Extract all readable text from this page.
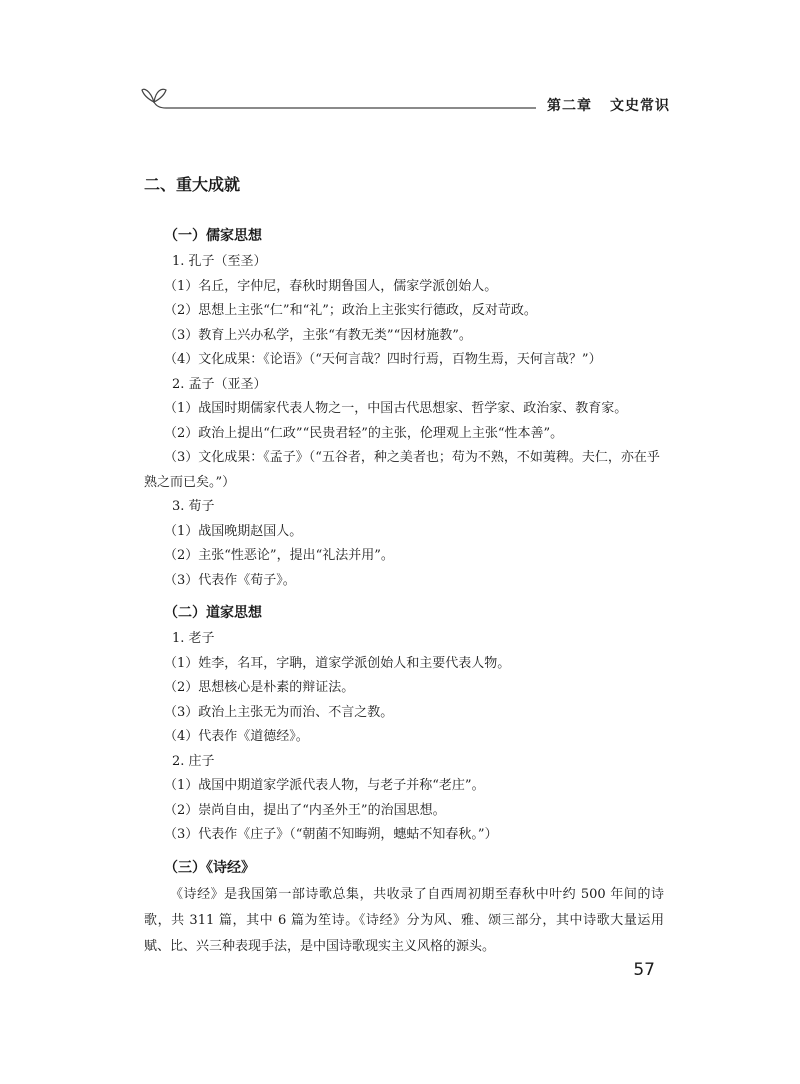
第二章 文史常识
二、重大成就
（一）儒家思想
1. 孔子（至圣）
（1）名丘，字仲尼，春秋时期鲁国人，儒家学派创始人。
（2）思想上主张“仁”和“礼”；政治上主张实行德政，反对苛政。
（3）教育上兴办私学，主张“有教无类”“因材施教”。
（4）文化成果：《论语》（“天何言哉？四时行焉，百物生焉，天何言哉？”）
2. 孟子（亚圣）
（1）战国时期儒家代表人物之一，中国古代思想家、哲学家、政治家、教育家。
（2）政治上提出“仁政”“民贵君轻”的主张，伦理观上主张“性本善”。
（3）文化成果：《孟子》（“五谷者，种之美者也；苟为不熟，不如荑稗。夫仁，亦在乎熟之而已矣。”）
3. 荀子
（1）战国晚期赵国人。
（2）主张“性恶论”，提出“礼法并用”。
（3）代表作《荀子》。
（二）道家思想
1. 老子
（1）姓李，名耳，字聃，道家学派创始人和主要代表人物。
（2）思想核心是朴素的辩证法。
（3）政治上主张无为而治、不言之教。
（4）代表作《道德经》。
2. 庄子
（1）战国中期道家学派代表人物，与老子并称“老庄”。
（2）崇尚自由，提出了“内圣外王”的治国思想。
（3）代表作《庄子》（“朝菌不知晦朔，蟪蛄不知春秋。”）
（三）《诗经》
《诗经》是我国第一部诗歌总集，共收录了自西周初期至春秋中叶约 500 年间的诗歌，共 311 篇，其中 6 篇为笙诗。《诗经》分为风、雅、颂三部分，其中诗歌大量运用赋、比、兴三种表现手法，是中国诗歌现实主义风格的源头。
57
